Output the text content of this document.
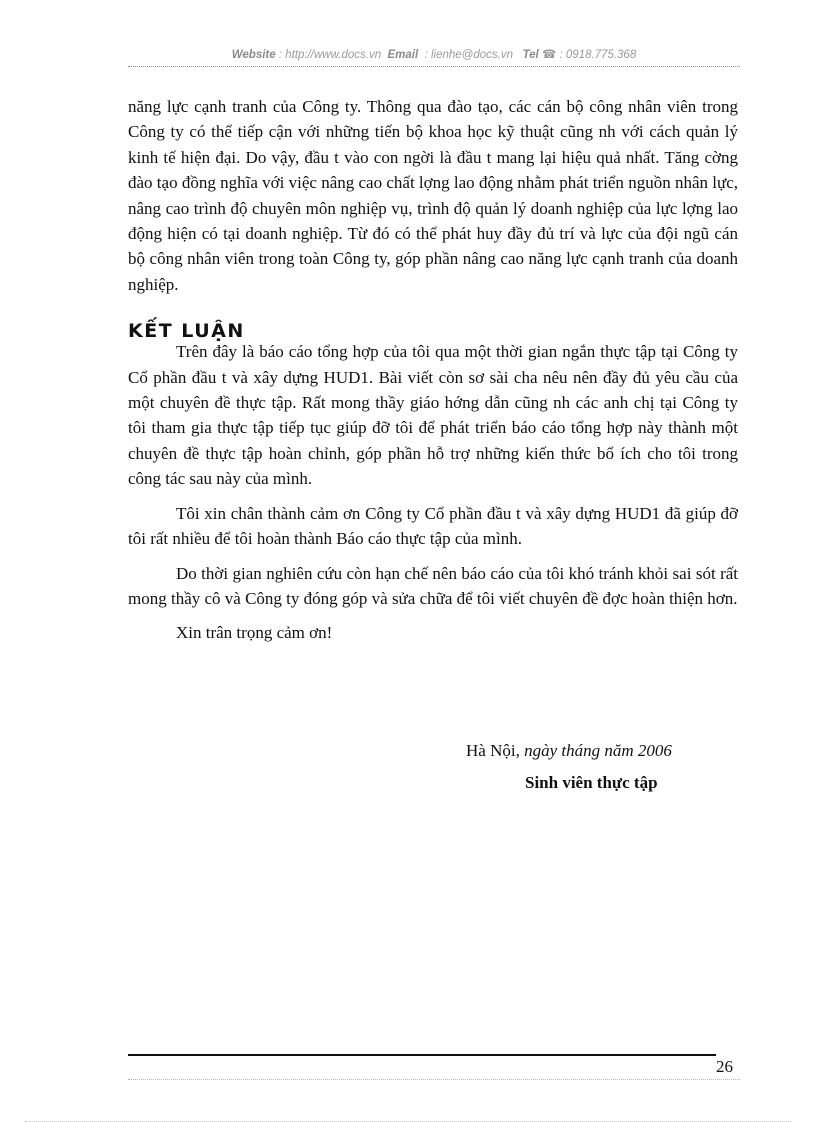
Website : http://www.docs.vn Email : lienhe@docs.vn Tel ☎ : 0918.775.368

năng lực cạnh tranh của Công ty. Thông qua đào tạo, các cán bộ công nhân viên trong Công ty có thể tiếp cận với những tiến bộ khoa học kỹ thuật cũng nh với cách quản lý kinh tế hiện đại. Do vậy, đầu t vào con ngời là đầu t mang lại hiệu quả nhất. Tăng cờng đào tạo đồng nghĩa với việc nâng cao chất lợng lao động nhằm phát triển nguồn nhân lực, nâng cao trình độ chuyên môn nghiệp vụ, trình độ quản lý doanh nghiệp của lực lợng lao động hiện có tại doanh nghiệp. Từ đó có thể phát huy đầy đủ trí và lực của đội ngũ cán bộ công nhân viên trong toàn Công ty, góp phần nâng cao năng lực cạnh tranh của doanh nghiệp.

KẾT LUẬN

Trên đây là báo cáo tổng hợp của tôi qua một thời gian ngắn thực tập tại Công ty Cổ phần đầu t và xây dựng HUD1. Bài viết còn sơ sài cha nêu nên đầy đủ yêu cầu của một chuyên đề thực tập. Rất mong thầy giáo hớng dẫn cũng nh các anh chị tại Công ty tôi tham gia thực tập tiếp tục giúp đỡ tôi để phát triển báo cáo tổng hợp này thành một chuyên đề thực tập hoàn chỉnh, góp phần hỗ trợ những kiến thức bổ ích cho tôi trong công tác sau này của mình.

Tôi xin chân thành cảm ơn Công ty Cổ phần đầu t và xây dựng HUD1 đã giúp đỡ tôi rất nhiều để tôi hoàn thành Báo cáo thực tập của mình.

Do thời gian nghiên cứu còn hạn chế nên báo cáo của tôi khó tránh khỏi sai sót rất mong thầy cô và Công ty đóng góp và sửa chữa để tôi viết chuyên đề đợc hoàn thiện hơn.

Xin trân trọng cảm ơn!

Hà Nội, ngày tháng năm 2006
Sinh viên thực tập
26
